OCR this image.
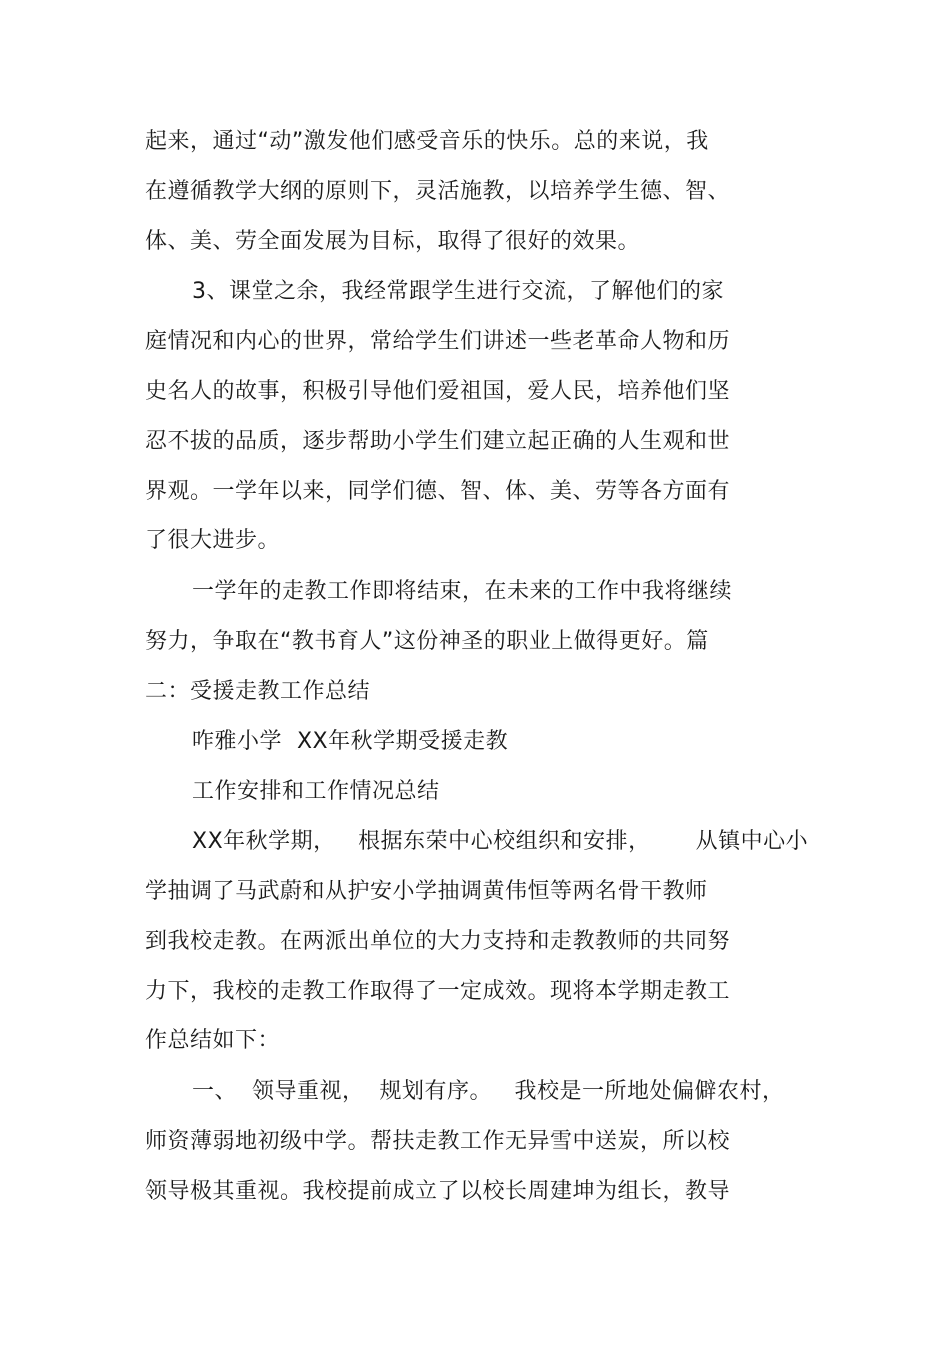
起来，通过“动”激发他们感受音乐的快乐。总的来说，我
在遵循教学大纲的原则下，灵活施教，以培养学生德、智、
体、美、劳全面发展为目标，取得了很好的效果。
3、课堂之余，我经常跟学生进行交流，了解他们的家
庭情况和内心的世界，常给学生们讲述一些老革命人物和历
史名人的故事，积极引导他们爱祖国，爱人民，培养他们坚
忍不拔的品质，逐步帮助小学生们建立起正确的人生观和世
界观。一学年以来，同学们德、智、体、美、劳等各方面有
了很大进步。
一学年的走教工作即将结束，在未来的工作中我将继续
努力，争取在“教书育人”这份神圣的职业上做得更好。篇
二：受援走教工作总结
咋雅小学  XX年秋学期受援走教
工作安排和工作情况总结
XX年秋学期，   根据东荣中心校组织和安排，      从镇中心小
学抽调了马武蔚和从护安小学抽调黄伟恒等两名骨干教师
到我校走教。在两派出单位的大力支持和走教教师的共同努
力下，我校的走教工作取得了一定成效。现将本学期走教工
作总结如下：
一、  领导重视，  规划有序。   我校是一所地处偏僻农村，
师资薄弱地初级中学。帮扶走教工作无异雪中送炭，所以校
领导极其重视。我校提前成立了以校长周建坤为组长，教导
